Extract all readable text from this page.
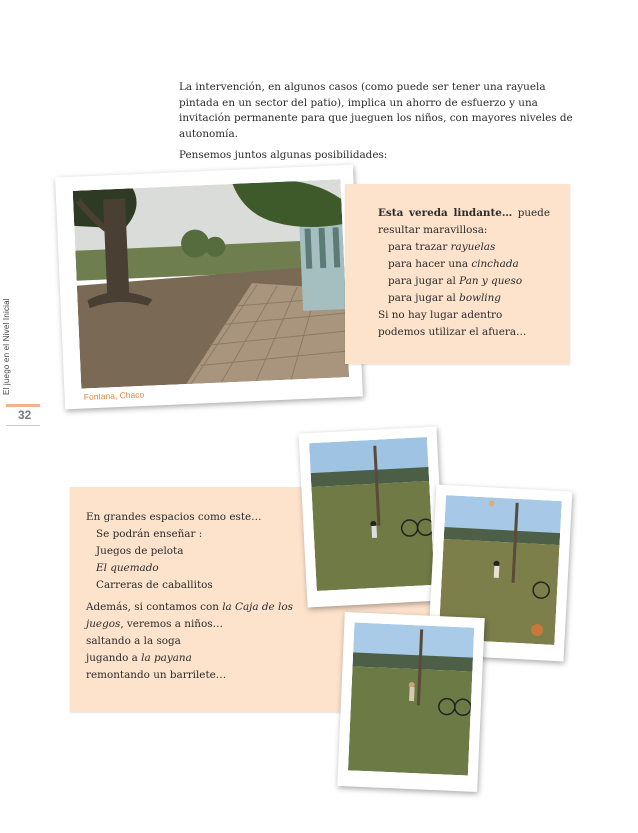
La intervención, en algunos casos (como puede ser tener una rayuela pintada en un sector del patio), implica un ahorro de esfuerzo y una invitación permanente para que jueguen los niños, con mayores niveles de autonomía.

Pensemos juntos algunas posibilidades:

El juego en el Nivel Inicial
32
Fontana, Chaco

Esta vereda lindante… puede resultar maravillosa:

para trazar rayuelas

para hacer una cinchada

para jugar al Pan y queso

para jugar al bowling

Si no hay lugar adentro podemos utilizar el afuera…

En grandes espacios como este…

Se podrán enseñar :

Juegos de pelota

El quemado

Carreras de caballitos

Además, si contamos con la Caja de los juegos, veremos a niños…

saltando a la soga

jugando a la payana

remontando un barrilete…
